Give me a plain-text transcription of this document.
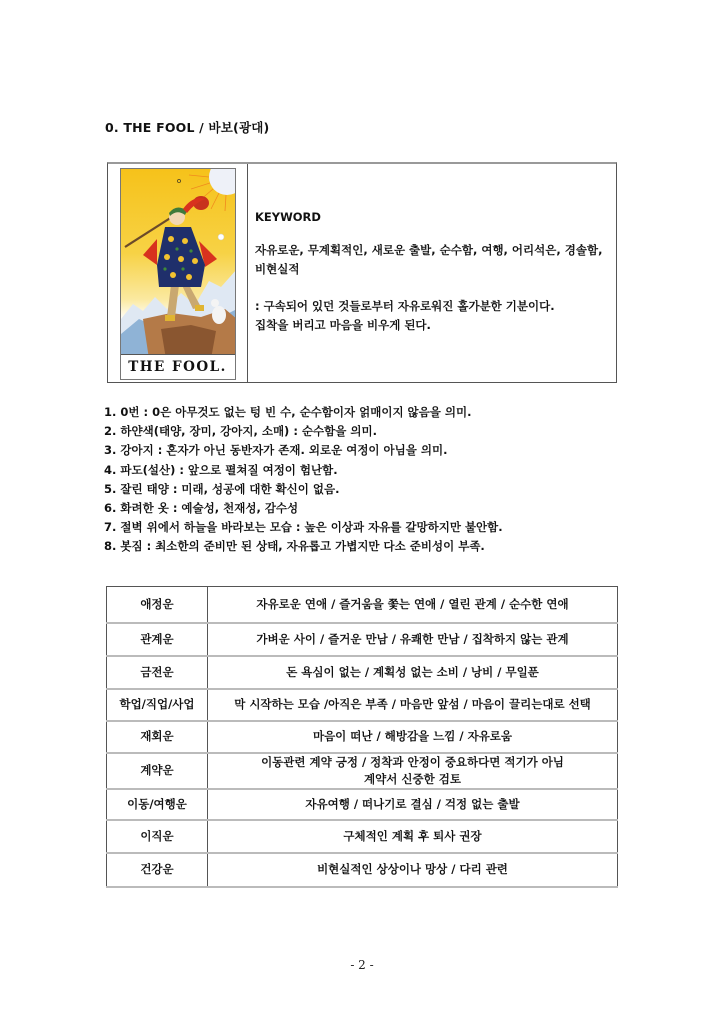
0. THE FOOL / 바보(광대)
o
THE FOOL.
KEYWORD
자유로운, 무계획적인, 새로운 출발, 순수함, 여행, 어리석은, 경솔함, 비현실적
: 구속되어 있던 것들로부터 자유로워진 홀가분한 기분이다.
집착을 버리고 마음을 비우게 된다.
1. 0번 : 0은 아무것도 없는 텅 빈 수, 순수함이자 얽매이지 않음을 의미.
2. 하얀색(태양, 장미, 강아지, 소매) : 순수함을 의미.
3. 강아지 : 혼자가 아닌 동반자가 존재. 외로운 여정이 아님을 의미.
4. 파도(설산) : 앞으로 펼쳐질 여정이 험난함.
5. 잘린 태양 : 미래, 성공에 대한 확신이 없음.
6. 화려한 옷 : 예술성, 천재성, 감수성
7. 절벽 위에서 하늘을 바라보는 모습 : 높은 이상과 자유를 갈망하지만 불안함.
8. 봇짐 : 최소한의 준비만 된 상태, 자유롭고 가볍지만 다소 준비성이 부족.
애정운	자유로운 연애 / 즐거움을 쫓는 연애 / 열린 관계 / 순수한 연애
관계운	가벼운 사이 / 즐거운 만남 / 유쾌한 만남 / 집착하지 않는 관계
금전운	돈 욕심이 없는 / 계획성 없는 소비 / 낭비 / 무일푼
학업/직업/사업	막 시작하는 모습 /아직은 부족 / 마음만 앞섬 / 마음이 끌리는대로 선택
재회운	마음이 떠난 / 해방감을 느낌 / 자유로움
계약운	이동관련 계약 긍정 / 정착과 안정이 중요하다면 적기가 아님
계약서 신중한 검토

이동/여행운	자유여행 / 떠나기로 결심 / 걱정 없는 출발
이직운	구체적인 계획 후 퇴사 권장
건강운	비현실적인 상상이나 망상 / 다리 관련
- 2 -
